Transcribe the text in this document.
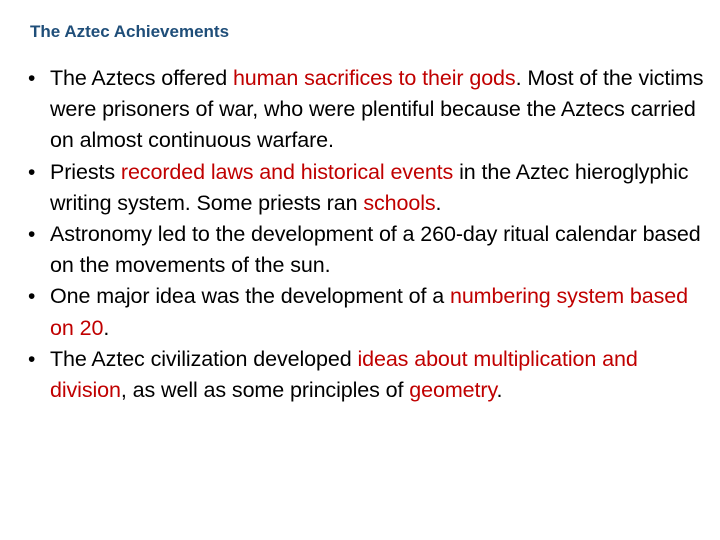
The Aztec Achievements
• The Aztecs offered human sacrifices to their gods. Most of the victims were prisoners of war, who were plentiful because the Aztecs carried on almost continuous warfare.
• Priests recorded laws and historical events in the Aztec hieroglyphic writing system. Some priests ran schools.
• Astronomy led to the development of a 260-day ritual calendar based on the movements of the sun.
• One major idea was the development of a numbering system based on 20.
• The Aztec civilization developed ideas about multiplication and division, as well as some principles of geometry.
